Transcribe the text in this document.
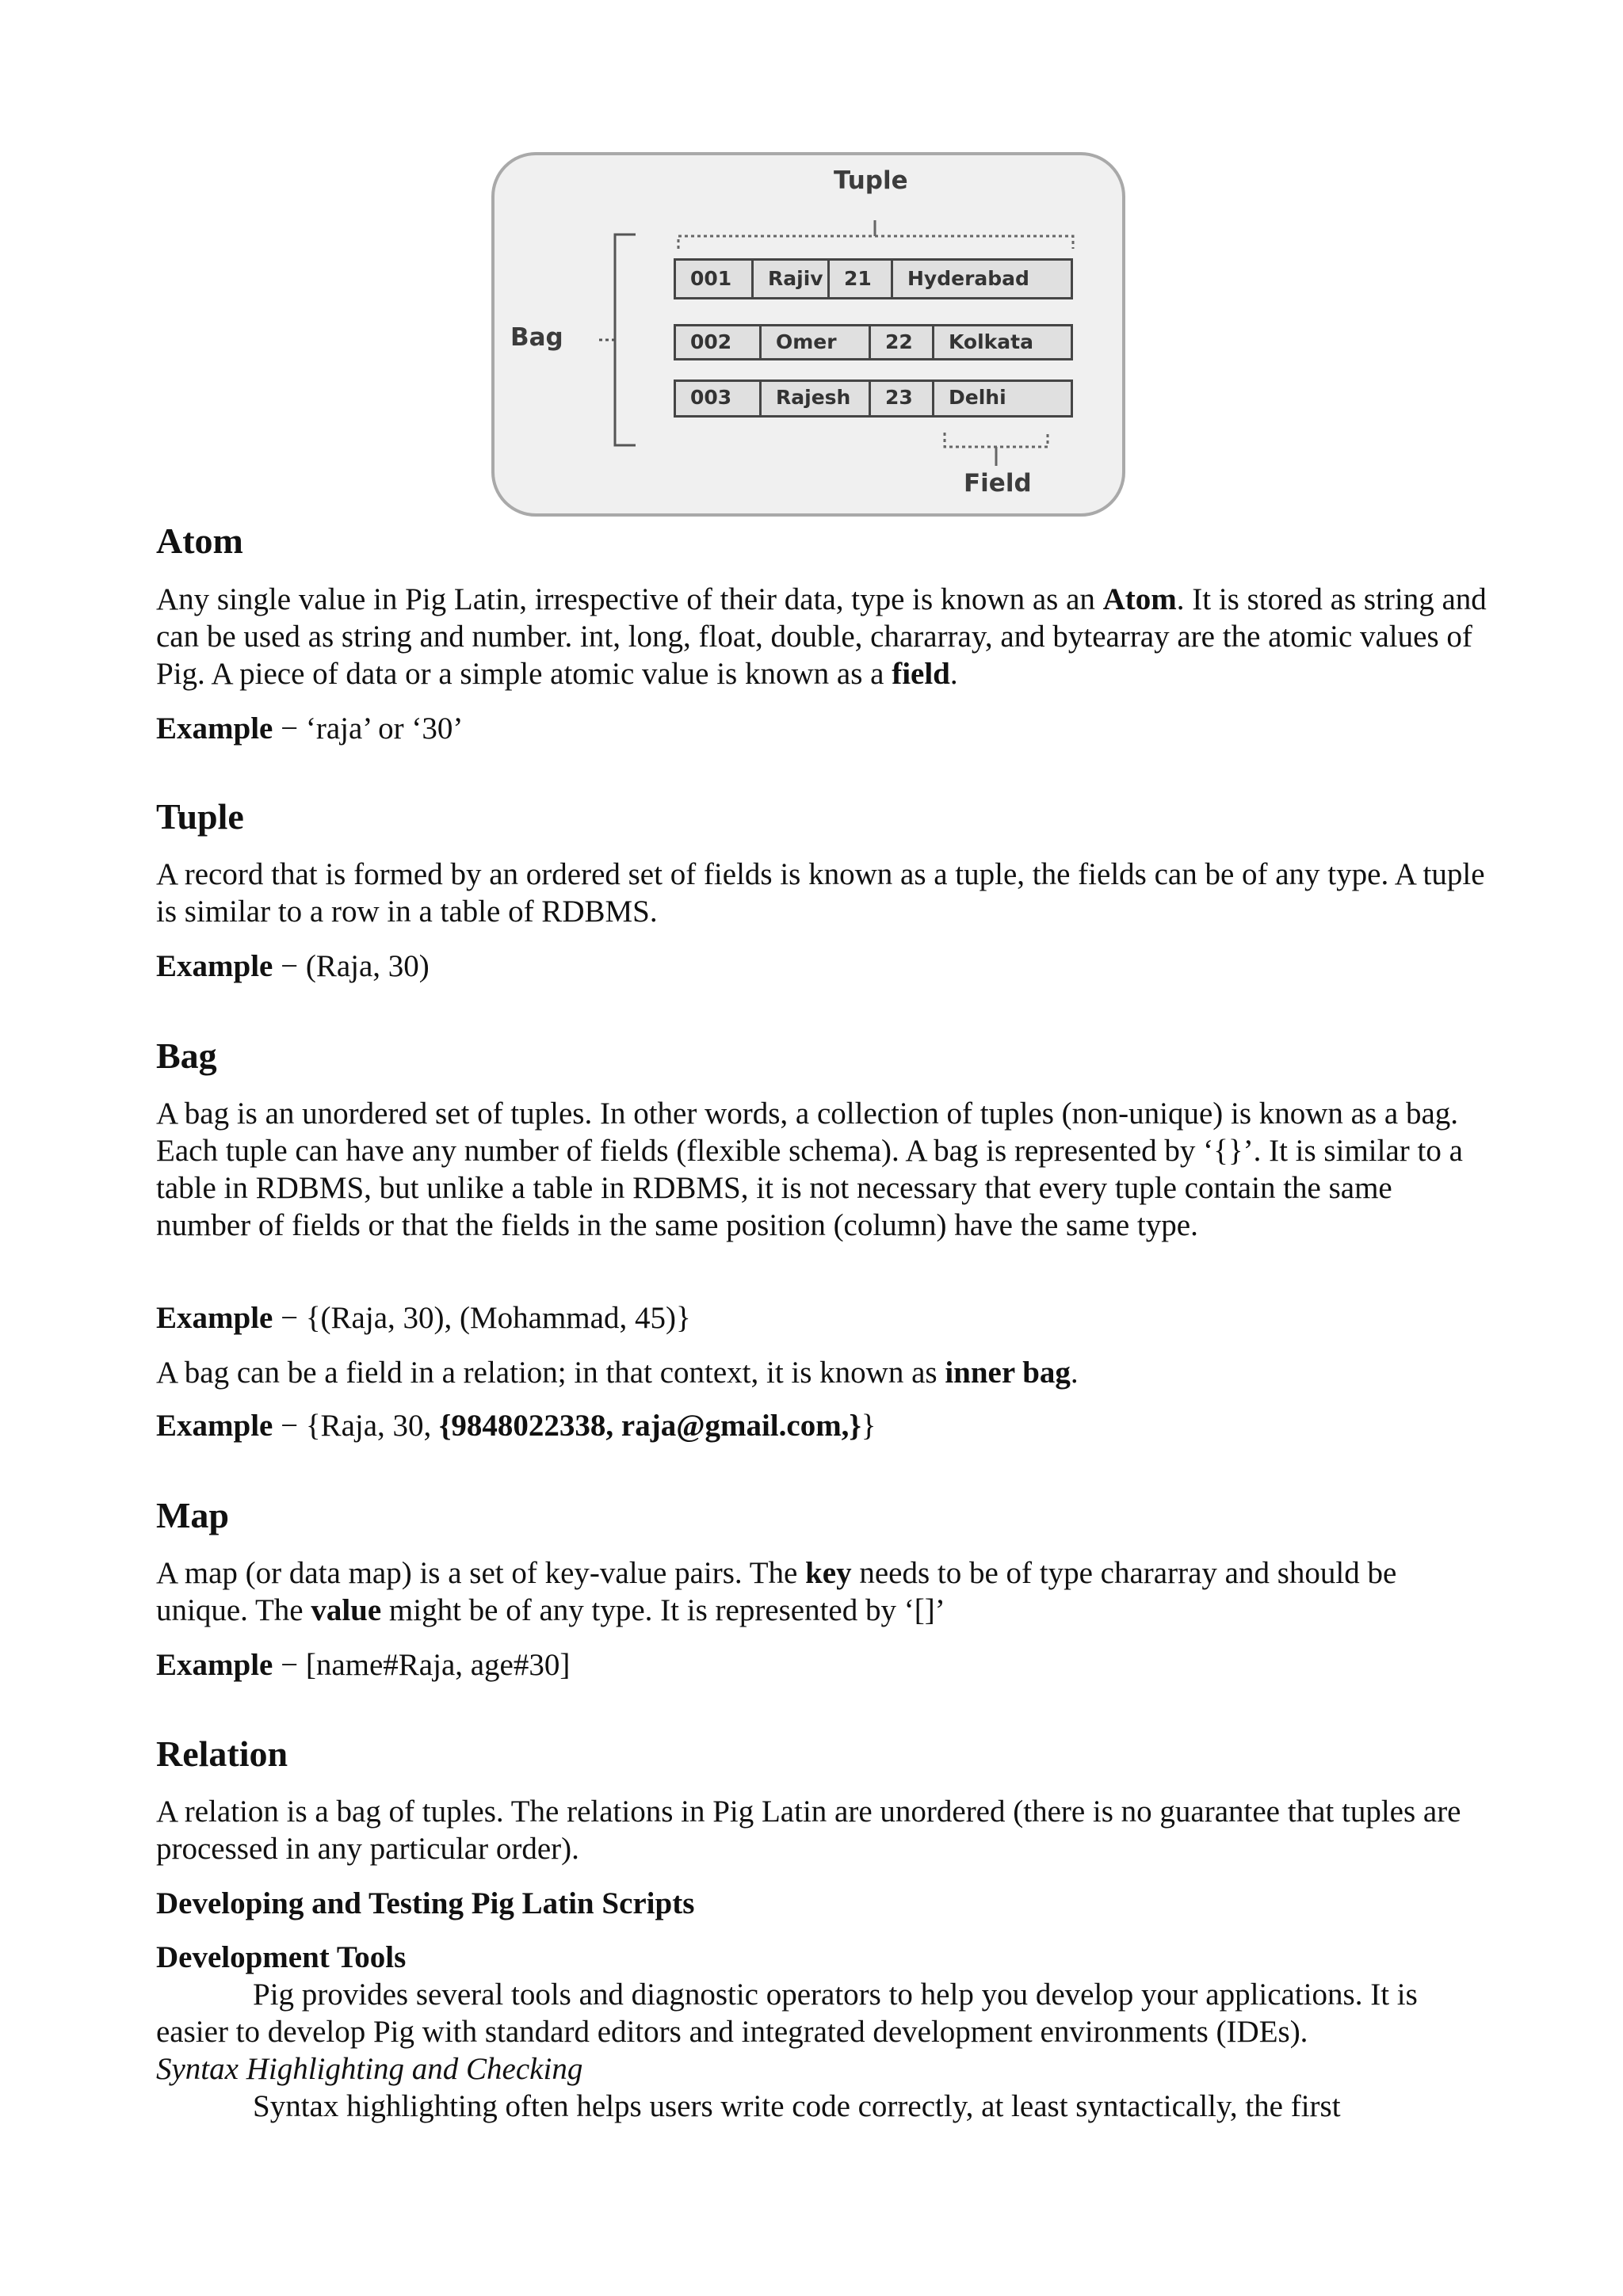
Tuple
Bag
Field
001	Rajiv	21	Hyderabad
002	Omer	22	Kolkata
003	Rajesh	23	Delhi
Atom

Any single value in Pig Latin, irrespective of their data, type is known as an Atom. It is stored as string and can be used as string and number. int, long, float, double, chararray, and bytearray are the atomic values of Pig. A piece of data or a simple atomic value is known as a field.

Example − ‘raja’ or ‘30’

Tuple

A record that is formed by an ordered set of fields is known as a tuple, the fields can be of any type. A tuple is similar to a row in a table of RDBMS.

Example − (Raja, 30)

Bag

A bag is an unordered set of tuples. In other words, a collection of tuples (non-unique) is known as a bag. Each tuple can have any number of fields (flexible schema). A bag is represented by ‘{}’. It is similar to a table in RDBMS, but unlike a table in RDBMS, it is not necessary that every tuple contain the same number of fields or that the fields in the same position (column) have the same type.

Example − {(Raja, 30), (Mohammad, 45)}

A bag can be a field in a relation; in that context, it is known as inner bag.

Example − {Raja, 30, {9848022338, raja@gmail.com,}}

Map

A map (or data map) is a set of key-value pairs. The key needs to be of type chararray and should be unique. The value might be of any type. It is represented by ‘[]’

Example − [name#Raja, age#30]

Relation

A relation is a bag of tuples. The relations in Pig Latin are unordered (there is no guarantee that tuples are processed in any particular order).

Developing and Testing Pig Latin Scripts

Development Tools

Pig provides several tools and diagnostic operators to help you develop your applications. It is easier to develop Pig with standard editors and integrated development environments (IDEs).

Syntax Highlighting and Checking

Syntax highlighting often helps users write code correctly, at least syntactically, the first
